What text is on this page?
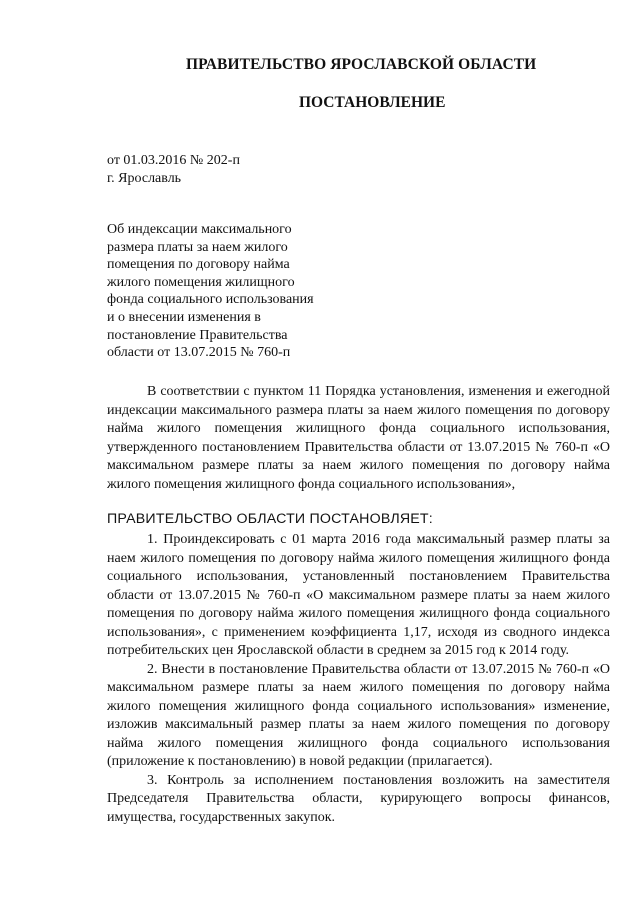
ПРАВИТЕЛЬСТВО ЯРОСЛАВСКОЙ ОБЛАСТИ
ПОСТАНОВЛЕНИЕ
от 01.03.2016 № 202-п
г. Ярославль
Об индексации максимального
размера платы за наем жилого
помещения по договору найма
жилого помещения жилищного
фонда социального использования
и о внесении изменения в
постановление Правительства
области от 13.07.2015 № 760-п

В соответствии с пунктом 11 Порядка установления, изменения и ежегодной индексации максимального размера платы за наем жилого помещения по договору найма жилого помещения жилищного фонда социального использования, утвержденного постановлением Правительства области от 13.07.2015 № 760-п «О максимальном размере платы за наем жилого помещения по договору найма жилого помещения жилищного фонда социального использования»,

ПРАВИТЕЛЬСТВО ОБЛАСТИ ПОСТАНОВЛЯЕТ:

1. Проиндексировать с 01 марта 2016 года максимальный размер платы за наем жилого помещения по договору найма жилого помещения жилищного фонда социального использования, установленный постановлением Правительства области от 13.07.2015 № 760-п «О максимальном размере платы за наем жилого помещения по договору найма жилого помещения жилищного фонда социального использования», с применением коэффициента 1,17, исходя из сводного индекса потребительских цен Ярославской области в среднем за 2015 год к 2014 году.

2. Внести в постановление Правительства области от 13.07.2015 № 760-п «О максимальном размере платы за наем жилого помещения по договору найма жилого помещения жилищного фонда социального использования» изменение, изложив максимальный размер платы за наем жилого помещения по договору найма жилого помещения жилищного фонда социального использования (приложение к постановлению) в новой редакции (прилагается).

3. Контроль за исполнением постановления возложить на заместителя Председателя Правительства области, курирующего вопросы финансов, имущества, государственных закупок.
